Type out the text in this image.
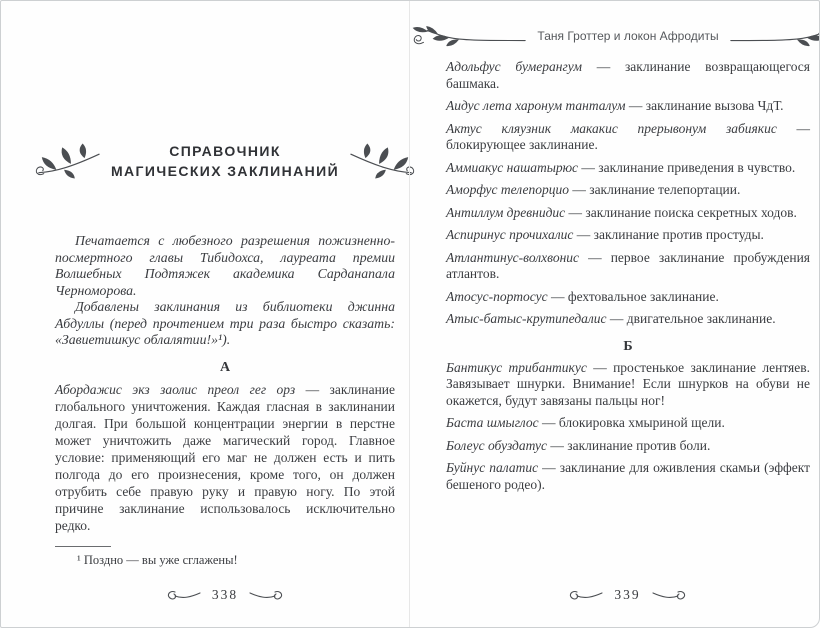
СПРАВОЧНИК
МАГИЧЕСКИХ ЗАКЛИНАНИЙ

Печатается с любезного разрешения пожизненно-посмертного главы Тибидохса, лауреата премии Волшебных Подтяжек академика Сарданапала Черноморова.

Добавлены заклинания из библиотеки джинна Абдуллы (перед прочтением три раза быстро сказать: «Завиетишкус облалятии!»¹).

А

Абордажис экз заолис преол гег орз — заклинание глобального уничтожения. Каждая гласная в заклинании долгая. При большой концентрации энергии в перстне может уничтожить даже магический город. Главное условие: применяющий его маг не должен есть и пить полгода до его произнесения, кроме того, он должен отрубить себе правую руку и правую ногу. По этой причине заклинание использовалось исключительно редко.

¹ Поздно — вы уже сглажены!

338
Таня Гроттер и локон Афродиты

Адольфус бумерангум — заклинание возвращающегося башмака.

Аидус лета харонум танталум — заклинание вызова ЧдТ.

Актус кляузник макакис прерывонум забиякис — блокирующее заклинание.

Аммиакус нашатырюс — заклинание приведения в чувство.

Аморфус телепорцио — заклинание телепортации.

Антиллум древнидис — заклинание поиска секретных ходов.

Аспиринус прочихалис — заклинание против простуды.

Атлантинус-волхвонис — первое заклинание пробуждения атлантов.

Атосус-портосус — фехтовальное заклинание.

Атыс-батыс-крутипедалис — двигательное заклинание.

Б

Бантикус трибантикус — простенькое заклинание лентяев. Завязывает шнурки. Внимание! Если шнурков на обуви не окажется, будут завязаны пальцы ног!

Баста шмыглос — блокировка хмыриной щели.

Болеус обуздатус — заклинание против боли.

Буйнус палатис — заклинание для оживления скамьи (эффект бешеного родео).

339
